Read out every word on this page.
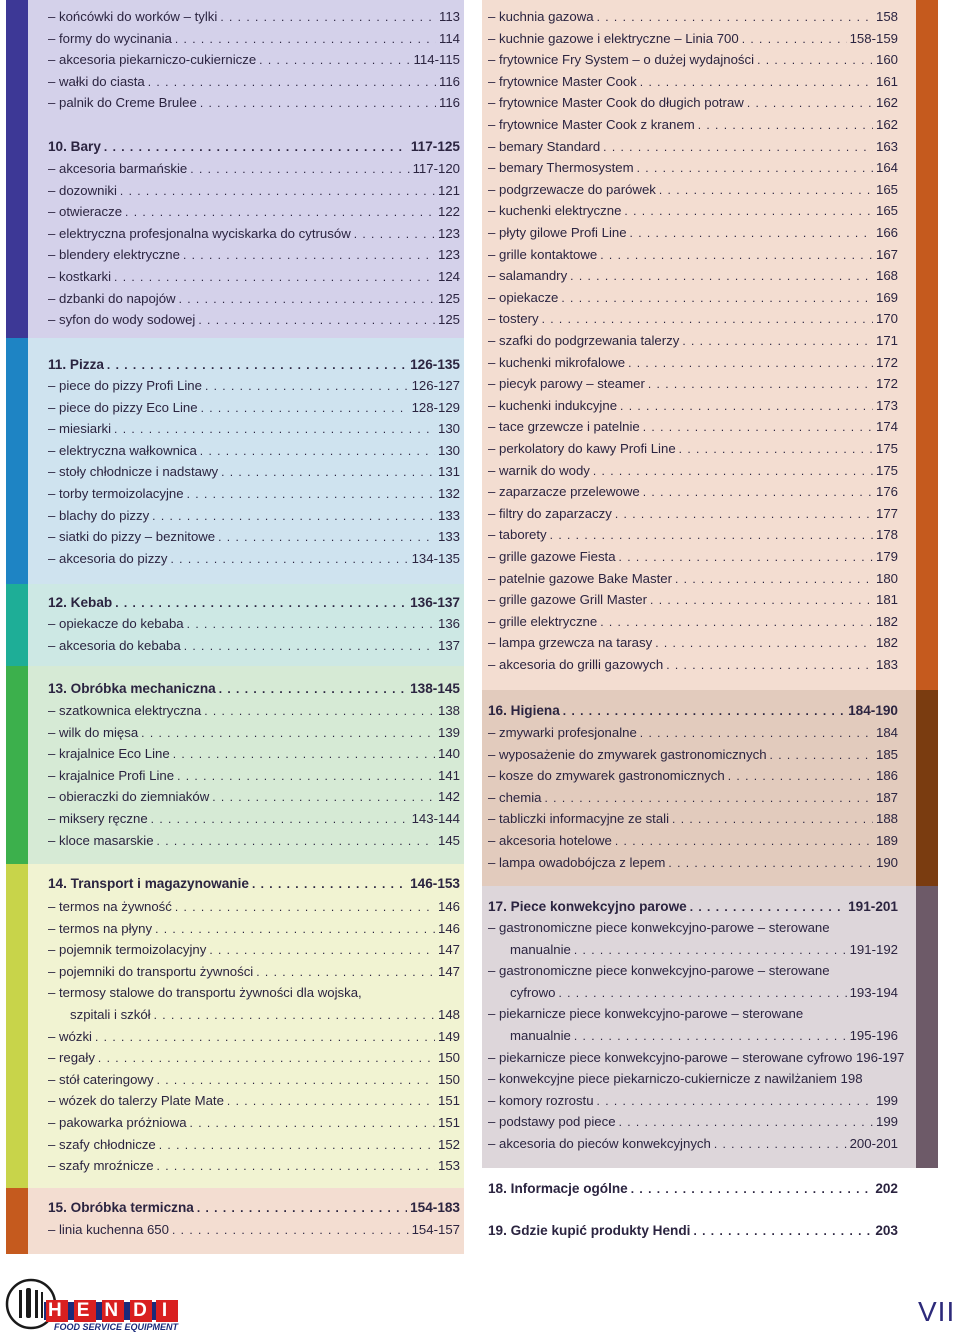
– końcówki do worków – tylki . . .	113
– formy do wycinania . . .	114
– akcesoria piekarniczo-cukiernicze . . .	114-115
– wałki do ciasta . . .	116
– palnik do Creme Brulee . . .	116
10. Bary . . .	117-125
– akcesoria barmańskie . . .	117-120
– dozowniki . . .	121
– otwieracze . . .	122
– elektryczna profesjonalna wyciskarka do cytrusów . . .	123
– blendery elektryczne . . .	123
– kostkarki . . .	124
– dzbanki do napojów . . .	125
– syfon do wody sodowej . . .	125
11. Pizza . . .	126-135
– piece do pizzy Profi Line . . .	126-127
– piece do pizzy Eco Line . . .	128-129
– miesiarki . . .	130
– elektryczna wałkownica . . .	130
– stoły chłodnicze i nadstawy . . .	131
– torby termoizolacyjne . . .	132
– blachy do pizzy . . .	133
– siatki do pizzy – beznitowe . . .	133
– akcesoria do pizzy . . .	134-135
12. Kebab . . .	136-137
– opiekacze do kebaba . . .	136
– akcesoria do kebaba . . .	137
13. Obróbka mechaniczna . . .	138-145
– szatkownica elektryczna . . .	138
– wilk do mięsa . . .	139
– krajalnice Eco Line . . .	140
– krajalnice Profi Line . . .	141
– obieraczki do ziemniaków . . .	142
– miksery ręczne . . .	143-144
– kloce masarskie . . .	145
14. Transport i magazynowanie . . .	146-153
– termos na żywność . . .	146
– termos na płyny . . .	146
– pojemnik termoizolacyjny . . .	147
– pojemniki do transportu żywności . . .	147
– termosy stalowe do transportu żywności dla wojska,
szpitali i szkół . . .	148
– wózki . . .	149
– regały . . .	150
– stół cateringowy . . .	150
– wózek do talerzy Plate Mate . . .	151
– pakowarka próżniowa . . .	151
– szafy chłodnicze . . .	152
– szafy mroźnicze . . .	153
15. Obróbka termiczna . . .	154-183
– linia kuchenna 650 . . .	154-157
– kuchnia gazowa . . .	158
– kuchnie gazowe i elektryczne – Linia 700 . . .	158-159
– frytownice Fry System – o dużej wydajności . . .	160
– frytownice Master Cook . . .	161
– frytownice Master Cook do długich potraw . . .	162
– frytownice Master Cook z kranem . . .	162
– bemary Standard . . .	163
– bemary Thermosystem . . .	164
– podgrzewacze do parówek . . .	165
– kuchenki elektryczne . . .	165
– płyty gilowe Profi Line . . .	166
– grille kontaktowe . . .	167
– salamandry . . .	168
– opiekacze . . .	169
– tostery . . .	170
– szafki do podgrzewania talerzy . . .	171
– kuchenki mikrofalowe . . .	172
– piecyk parowy – steamer . . .	172
– kuchenki indukcyjne . . .	173
– tace grzewcze i patelnie . . .	174
– perkolatory do kawy Profi Line . . .	175
– warnik do wody . . .	175
– zaparzacze przelewowe . . .	176
– filtry do zaparzaczy . . .	177
– taborety . . .	178
– grille gazowe Fiesta . . .	179
– patelnie gazowe Bake Master . . .	180
– grille gazowe Grill Master . . .	181
– grille elektryczne . . .	182
– lampa grzewcza na tarasy . . .	182
– akcesoria do grilli gazowych . . .	183
16. Higiena . . .	184-190
– zmywarki profesjonalne . . .	184
– wyposażenie do zmywarek gastronomicznych . . .	185
– kosze do zmywarek gastronomicznych . . .	186
– chemia . . .	187
– tabliczki informacyjne ze stali . . .	188
– akcesoria hotelowe . . .	189
– lampa owadobójcza z lepem . . .	190
17. Piece konwekcyjno parowe . . .	191-201
– gastronomiczne piece konwekcyjno-parowe – sterowane
manualnie . . .	191-192
– gastronomiczne piece konwekcyjno-parowe – sterowane
cyfrowo . . .	193-194
– piekarnicze piece konwekcyjno-parowe – sterowane
manualnie . . .	195-196
– piekarnicze piece konwekcyjno-parowe – sterowane cyfrowo 196-197
– konwekcyjne piece piekarniczo-cukiernicze z nawilżaniem 198
– komory rozrostu . . .	199
– podstawy pod piece . . .	199
– akcesoria do pieców konwekcyjnych . . .	200-201
18. Informacje ogólne . . .	202
19. Gdzie kupić produkty Hendi . . .	203
HENDI
FOOD SERVICE EQUIPMENT	VII
